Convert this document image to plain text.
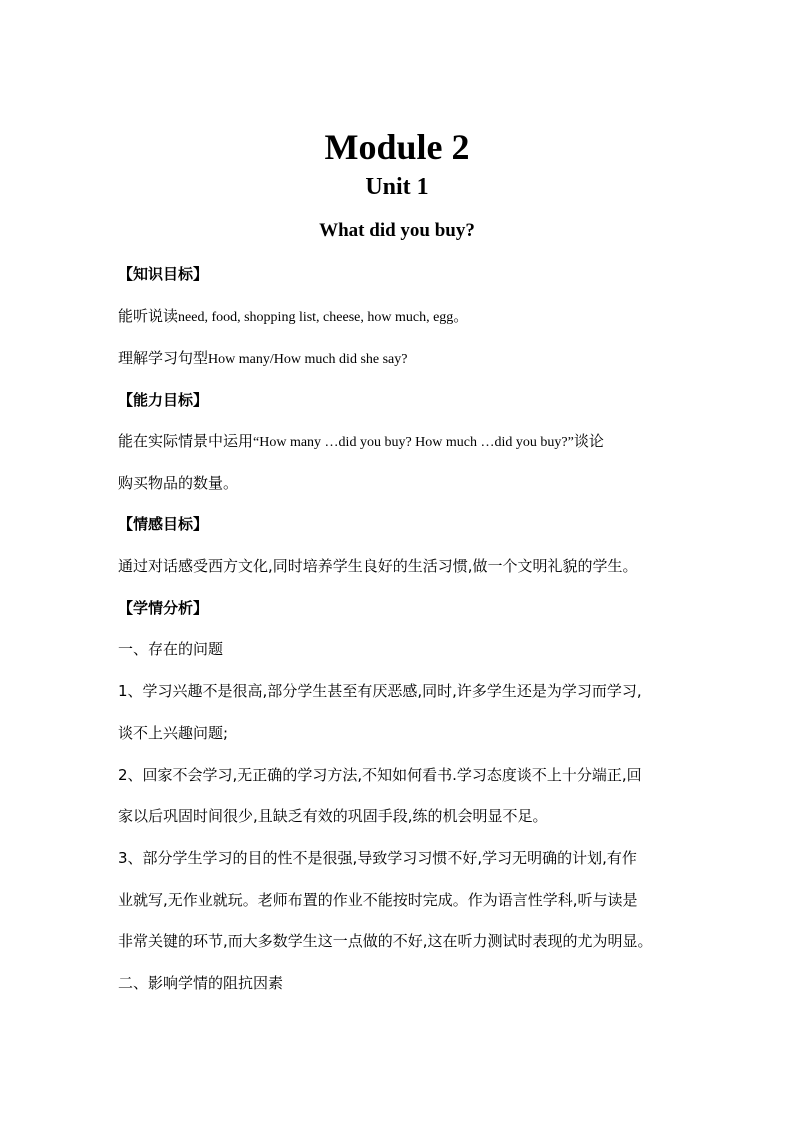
Module 2
Unit 1
What did you buy?
【知识目标】
能听说读need, food, shopping list, cheese, how much, egg。
理解学习句型How many/How much did she say?
【能力目标】
能在实际情景中运用“How many …did you buy? How much …did you buy?”谈论
购买物品的数量。
【情感目标】
通过对话感受西方文化,同时培养学生良好的生活习惯,做一个文明礼貌的学生。
【学情分析】
一、存在的问题
1、学习兴趣不是很高,部分学生甚至有厌恶感,同时,许多学生还是为学习而学习,
谈不上兴趣问题;
2、回家不会学习,无正确的学习方法,不知如何看书.学习态度谈不上十分端正,回
家以后巩固时间很少,且缺乏有效的巩固手段,练的机会明显不足。
3、部分学生学习的目的性不是很强,导致学习习惯不好,学习无明确的计划,有作
业就写,无作业就玩。老师布置的作业不能按时完成。作为语言性学科,听与读是
非常关键的环节,而大多数学生这一点做的不好,这在听力测试时表现的尤为明显。
二、影响学情的阻抗因素
